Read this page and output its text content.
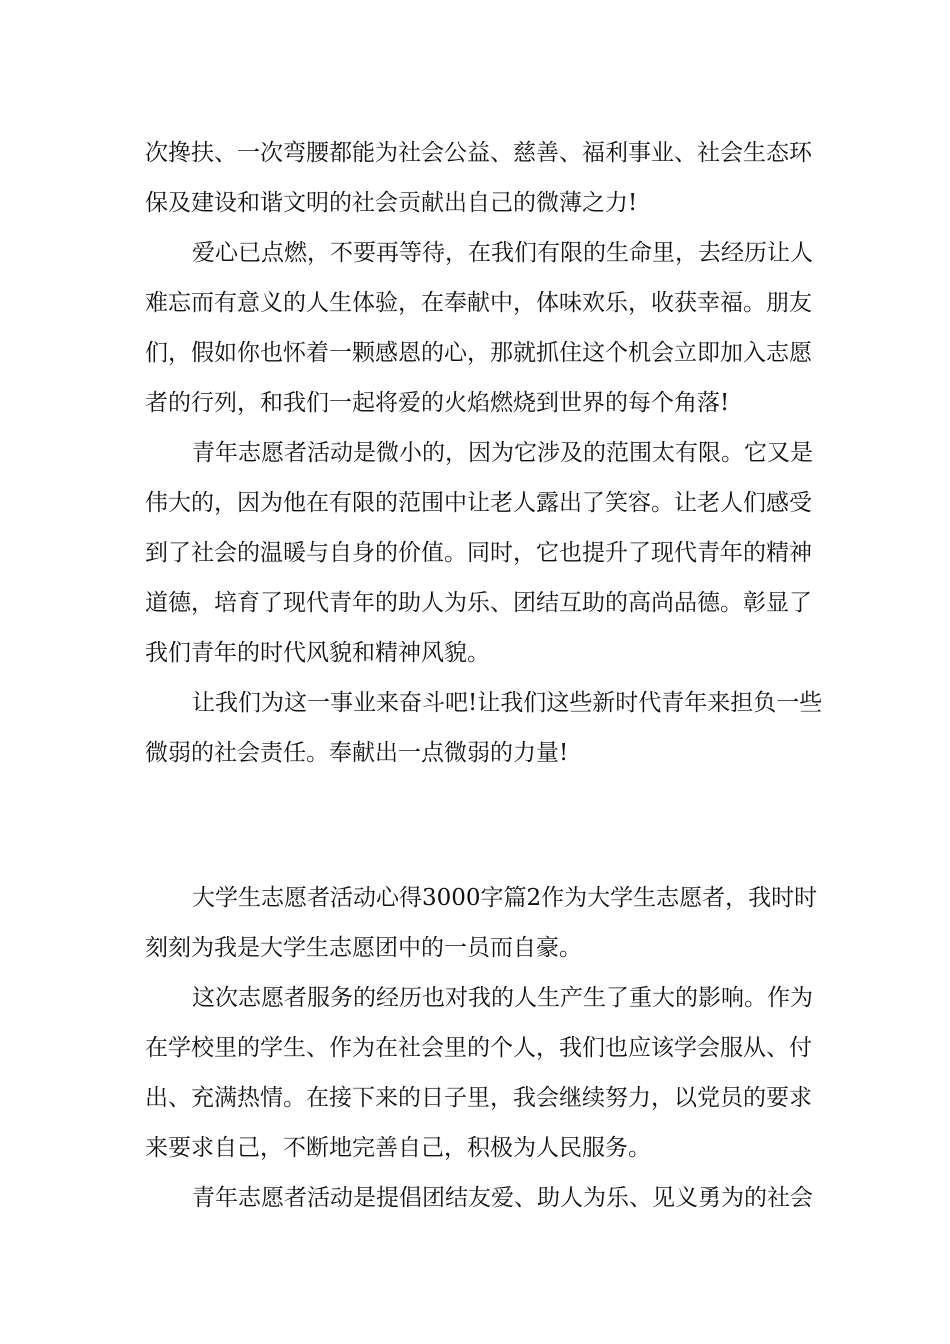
次搀扶、一次弯腰都能为社会公益、慈善、福利事业、社会生态环
保及建设和谐文明的社会贡献出自己的微薄之力!
爱心已点燃，不要再等待，在我们有限的生命里，去经历让人
难忘而有意义的人生体验，在奉献中，体味欢乐，收获幸福。朋友
们，假如你也怀着一颗感恩的心，那就抓住这个机会立即加入志愿
者的行列，和我们一起将爱的火焰燃烧到世界的每个角落!
青年志愿者活动是微小的，因为它涉及的范围太有限。它又是
伟大的，因为他在有限的范围中让老人露出了笑容。让老人们感受
到了社会的温暖与自身的价值。同时，它也提升了现代青年的精神
道德，培育了现代青年的助人为乐、团结互助的高尚品德。彰显了
我们青年的时代风貌和精神风貌。
让我们为这一事业来奋斗吧!让我们这些新时代青年来担负一些
微弱的社会责任。奉献出一点微弱的力量!
大学生志愿者活动心得3000字篇2作为大学生志愿者，我时时
刻刻为我是大学生志愿团中的一员而自豪。
这次志愿者服务的经历也对我的人生产生了重大的影响。作为
在学校里的学生、作为在社会里的个人，我们也应该学会服从、付
出、充满热情。在接下来的日子里，我会继续努力，以党员的要求
来要求自己，不断地完善自己，积极为人民服务。
青年志愿者活动是提倡团结友爱、助人为乐、见义勇为的社会
